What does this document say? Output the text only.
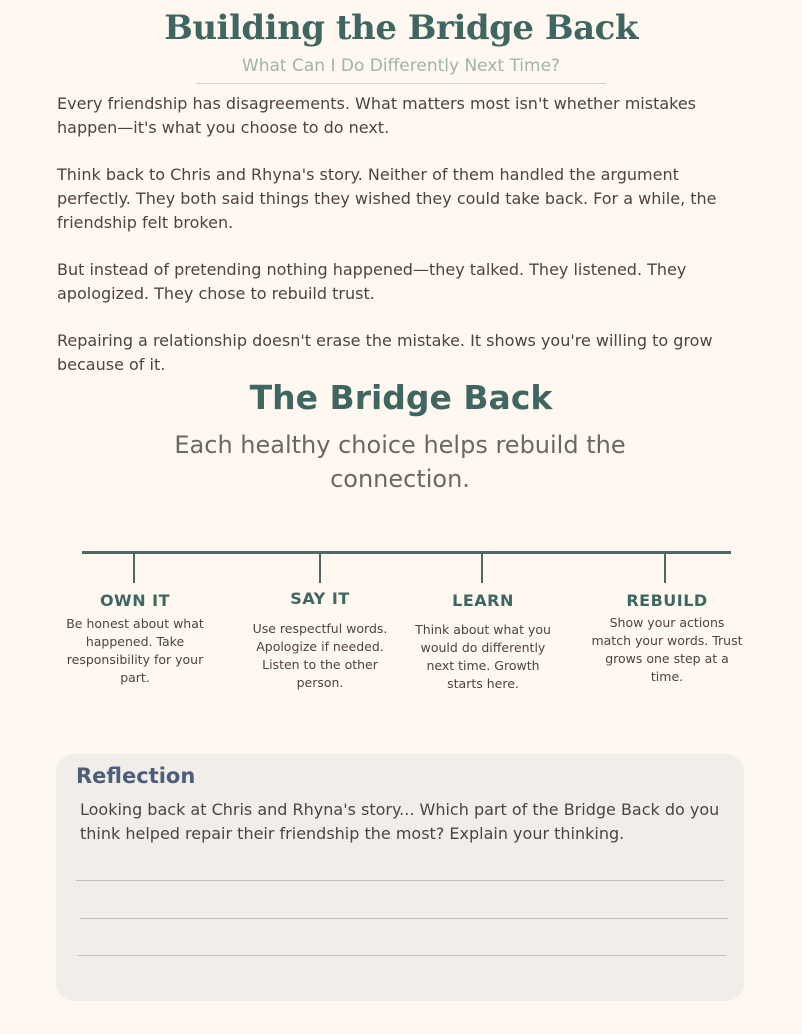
Building the Bridge Back
What Can I Do Differently Next Time?

Every friendship has disagreements. What matters most isn't whether mistakes happen—it's what you choose to do next.

Think back to Chris and Rhyna's story. Neither of them handled the argument perfectly. They both said things they wished they could take back. For a while, the friendship felt broken.

But instead of pretending nothing happened—they talked. They listened. They apologized. They chose to rebuild trust.

Repairing a relationship doesn't erase the mistake. It shows you're willing to grow because of it.

The Bridge Back
Each healthy choice helps rebuild the connection.
OWN IT
Be honest about what happened. Take responsibility for your part.
SAY IT
Use respectful words. Apologize if needed. Listen to the other person.
LEARN
Think about what you would do differently next time. Growth starts here.
REBUILD
Show your actions match your words. Trust grows one step at a time.
Reflection
Looking back at Chris and Rhyna's story... Which part of the Bridge Back do you think helped repair their friendship the most? Explain your thinking.
